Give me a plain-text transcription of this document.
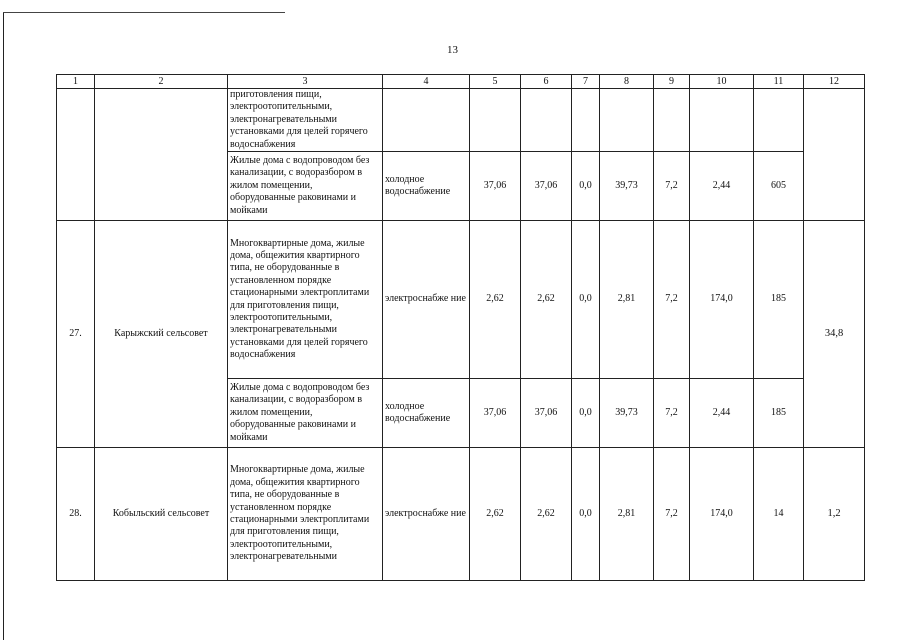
13
1	2	3	4	5	6	7	8	9	10	11	12
		приготовления пищи, электроотопительными, электронагревательными установками для целей горячего водоснабжения									
		Жилые дома с водопроводом без канализации, с водоразбором в жилом помещении, оборудованные раковинами и мойками	холодное водоснабжение	37,06	37,06	0,0	39,73	7,2	2,44	605	
27.	Карыжский сельсовет	Многоквартирные дома, жилые дома, общежития квартирного типа, не оборудованные в установленном порядке стационарными электроплитами для приготовления пищи, электроотопительными, электронагревательными установками для целей горячего водоснабжения	электроснабже ние	2,62	2,62	0,0	2,81	7,2	174,0	185	34,8
		Жилые дома с водопроводом без канализации, с водоразбором в жилом помещении, оборудованные раковинами и мойками	холодное водоснабжение	37,06	37,06	0,0	39,73	7,2	2,44	185	
28.	Кобыльский сельсовет	Многоквартирные дома, жилые дома, общежития квартирного типа, не оборудованные в установленном порядке стационарными электроплитами для приготовления пищи, электроотопительными, электронагревательными	электроснабже ние	2,62	2,62	0,0	2,81	7,2	174,0	14	1,2
